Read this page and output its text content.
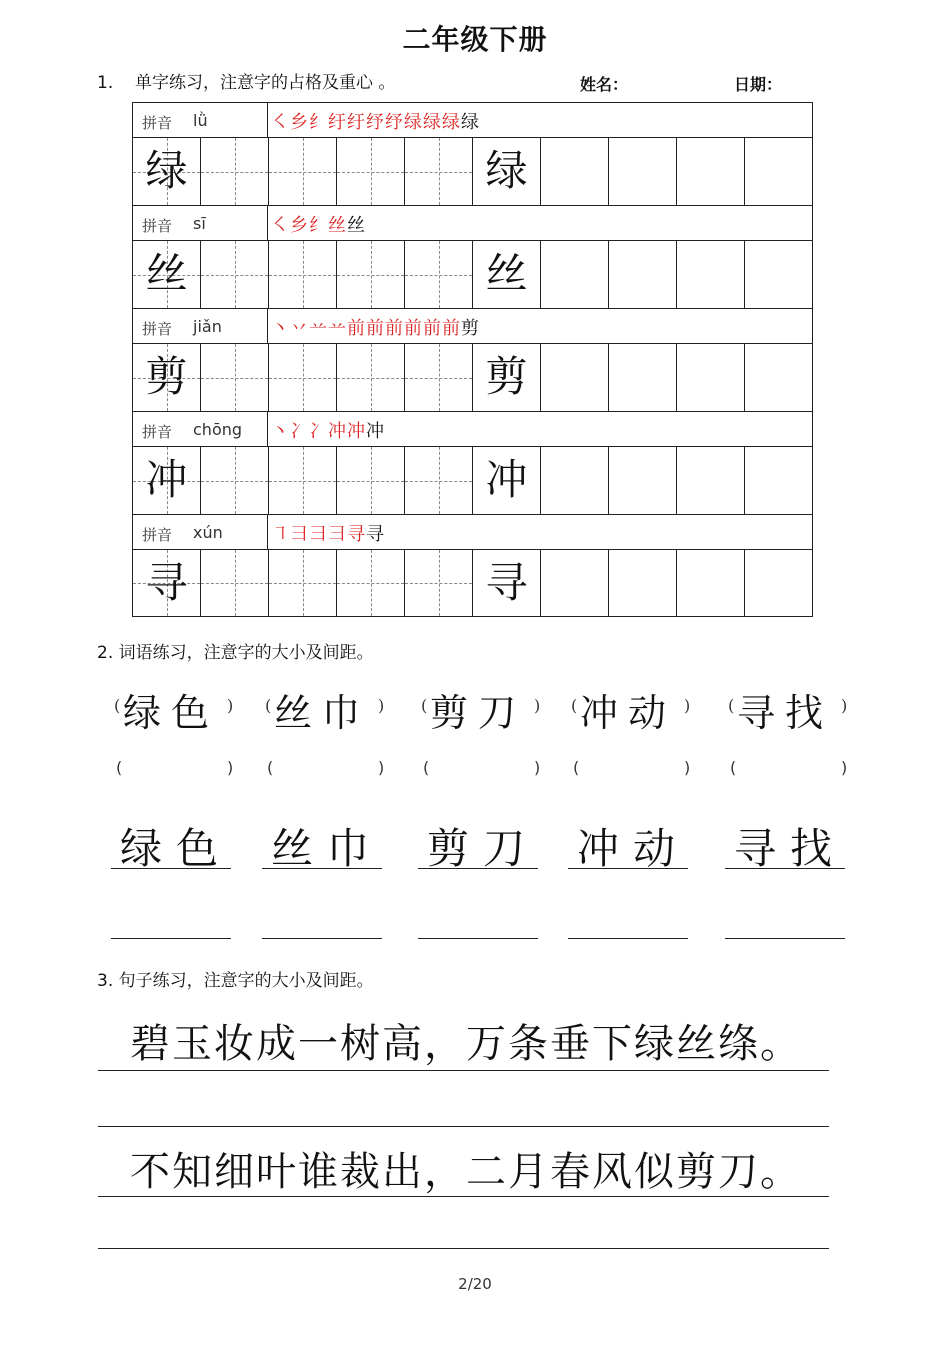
二年级下册
1. 单字练习，注意字的占格及重心 。	姓名：	日期：
拼音 lǜ	㇛乡纟纡纡纾纾绿绿绿绿
绿	绿
拼音 sī	㇛乡纟丝丝
丝	丝
拼音 jiǎn	丶丷䒑䒑前前前前前前剪
剪	剪
拼音 chōng 丶冫冫冲冲冲
冲	冲
拼音 xún	㇕彐彐彐寻寻
寻	寻
2. 词语练习，注意字的大小及间距。
( 绿色 )
(	)
绿色
( 丝巾 )
(	)
丝巾
( 剪刀 )
(	)
剪刀
( 冲动 )
(	)
冲动
( 寻找 )
(	)
寻找
3. 句子练习，注意字的大小及间距。
碧玉妆成一树高，万条垂下绿丝绦。
不知细叶谁裁出，二月春风似剪刀。
2/20
